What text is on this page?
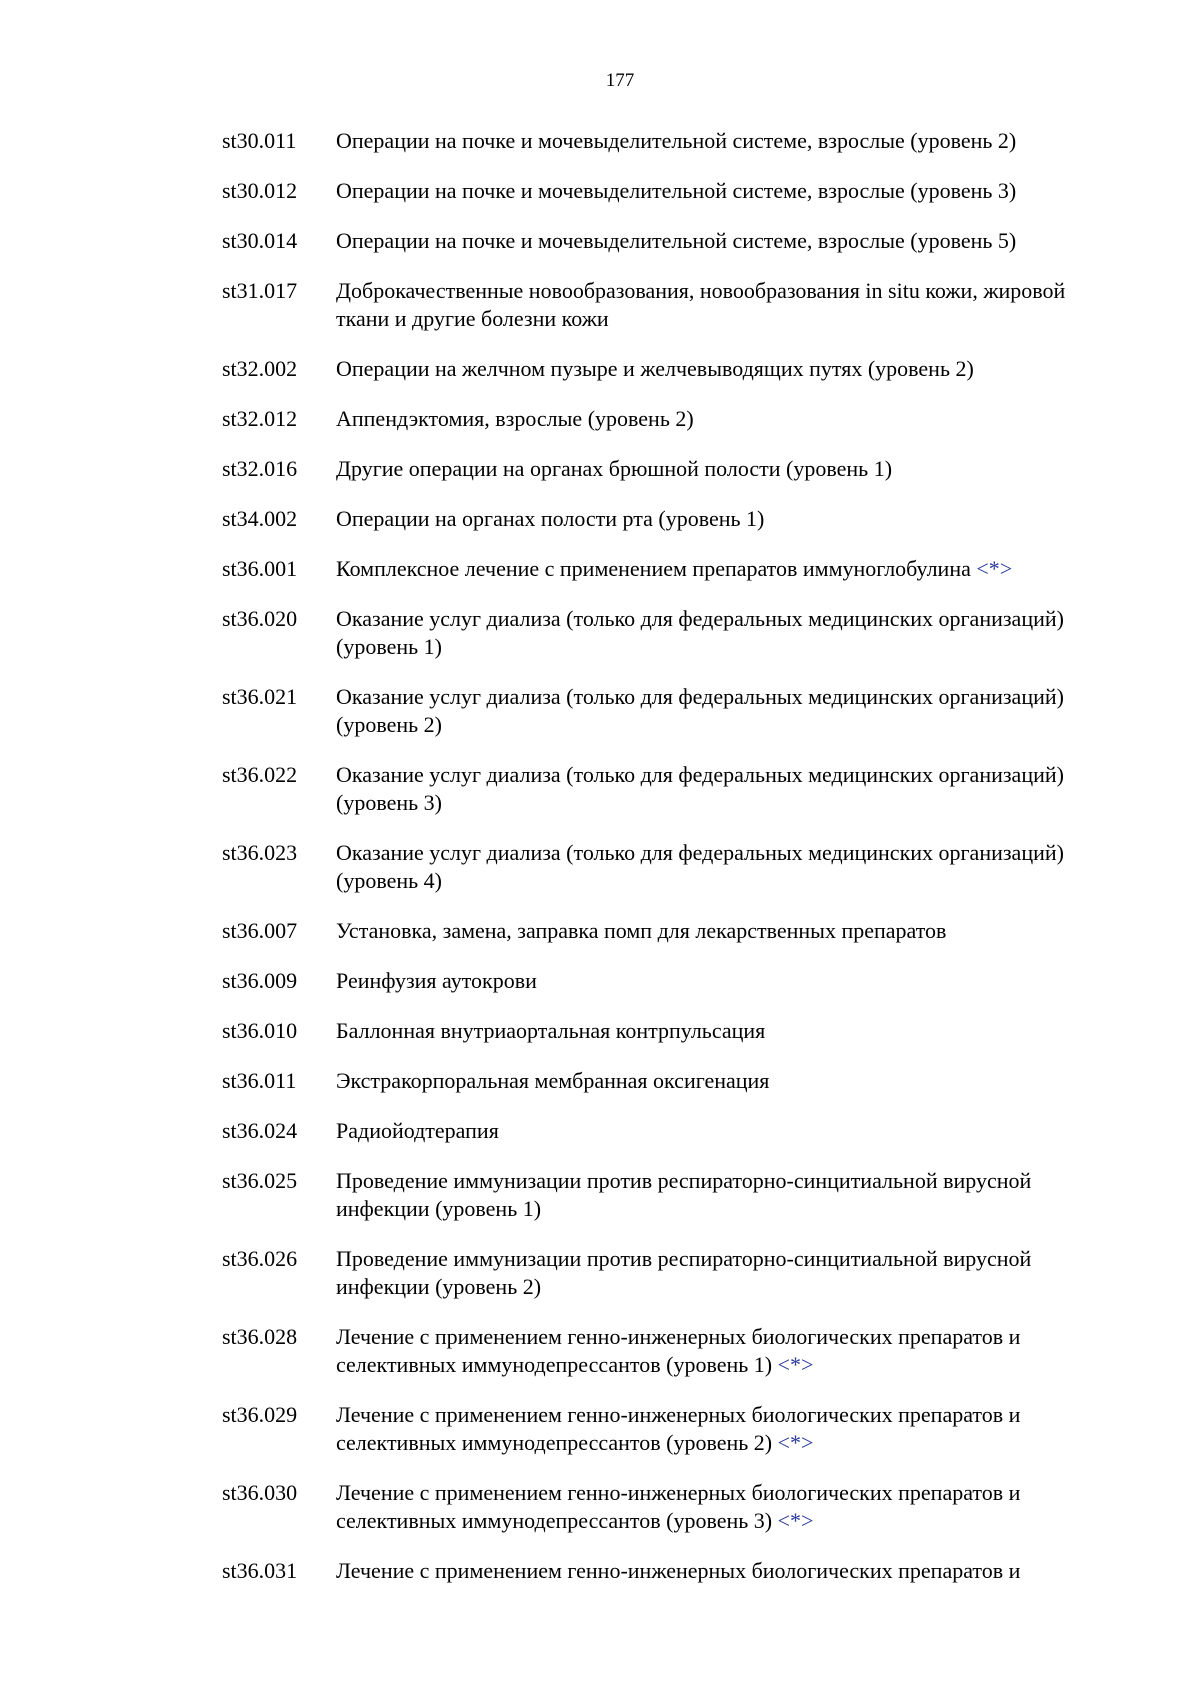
177
st30.011	Операции на почке и мочевыделительной системе, взрослые (уровень 2)
st30.012	Операции на почке и мочевыделительной системе, взрослые (уровень 3)
st30.014	Операции на почке и мочевыделительной системе, взрослые (уровень 5)
st31.017	Доброкачественные новообразования, новообразования in situ кожи, жировой ткани и другие болезни кожи
st32.002	Операции на желчном пузыре и желчевыводящих путях (уровень 2)
st32.012	Аппендэктомия, взрослые (уровень 2)
st32.016	Другие операции на органах брюшной полости (уровень 1)
st34.002	Операции на органах полости рта (уровень 1)
st36.001	Комплексное лечение с применением препаратов иммуноглобулина <*>
st36.020	Оказание услуг диализа (только для федеральных медицинских организаций) (уровень 1)
st36.021	Оказание услуг диализа (только для федеральных медицинских организаций) (уровень 2)
st36.022	Оказание услуг диализа (только для федеральных медицинских организаций) (уровень 3)
st36.023	Оказание услуг диализа (только для федеральных медицинских организаций) (уровень 4)
st36.007	Установка, замена, заправка помп для лекарственных препаратов
st36.009	Реинфузия аутокрови
st36.010	Баллонная внутриаортальная контрпульсация
st36.011	Экстракорпоральная мембранная оксигенация
st36.024	Радиойодтерапия
st36.025	Проведение иммунизации против респираторно-синцитиальной вирусной инфекции (уровень 1)
st36.026	Проведение иммунизации против респираторно-синцитиальной вирусной инфекции (уровень 2)
st36.028	Лечение с применением генно-инженерных биологических препаратов и селективных иммунодепрессантов (уровень 1) <*>
st36.029	Лечение с применением генно-инженерных биологических препаратов и селективных иммунодепрессантов (уровень 2) <*>
st36.030	Лечение с применением генно-инженерных биологических препаратов и селективных иммунодепрессантов (уровень 3) <*>
st36.031	Лечение с применением генно-инженерных биологических препаратов и
